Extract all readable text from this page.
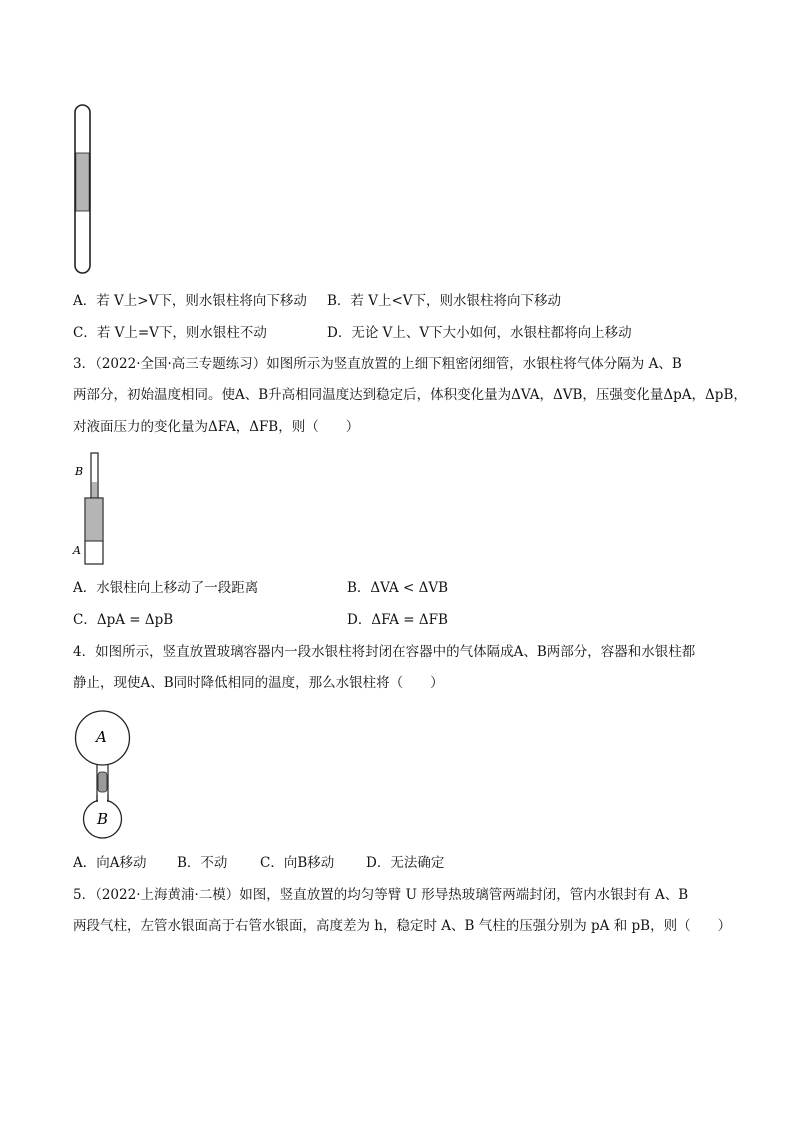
A．若 V上>V下，则水银柱将向下移动 B．若 V上<V下，则水银柱将向下移动
C．若 V上=V下，则水银柱不动	D．无论 V上、V下大小如何，水银柱都将向上移动
3．（2022·全国·高三专题练习）如图所示为竖直放置的上细下粗密闭细管，水银柱将气体分隔为 A、B
两部分，初始温度相同。使A、B升高相同温度达到稳定后，体积变化量为ΔVA，ΔVB，压强变化量ΔpA，ΔpB，
对液面压力的变化量为ΔFA，ΔFB，则（　　）
B
A
A．水银柱向上移动了一段距离	B．ΔVA < ΔVB
C．ΔpA = ΔpB	D．ΔFA = ΔFB
4．如图所示，竖直放置玻璃容器内一段水银柱将封闭在容器中的气体隔成A、B两部分，容器和水银柱都
静止，现使A、B同时降低相同的温度，那么水银柱将（　　）
A
B
A．向A移动 B．不动 C．向B移动 D．无法确定
5．（2022·上海黄浦·二模）如图，竖直放置的均匀等臂 U 形导热玻璃管两端封闭，管内水银封有 A、B
两段气柱，左管水银面高于右管水银面，高度差为 h，稳定时 A、B 气柱的压强分别为 pA 和 pB，则（　　）
